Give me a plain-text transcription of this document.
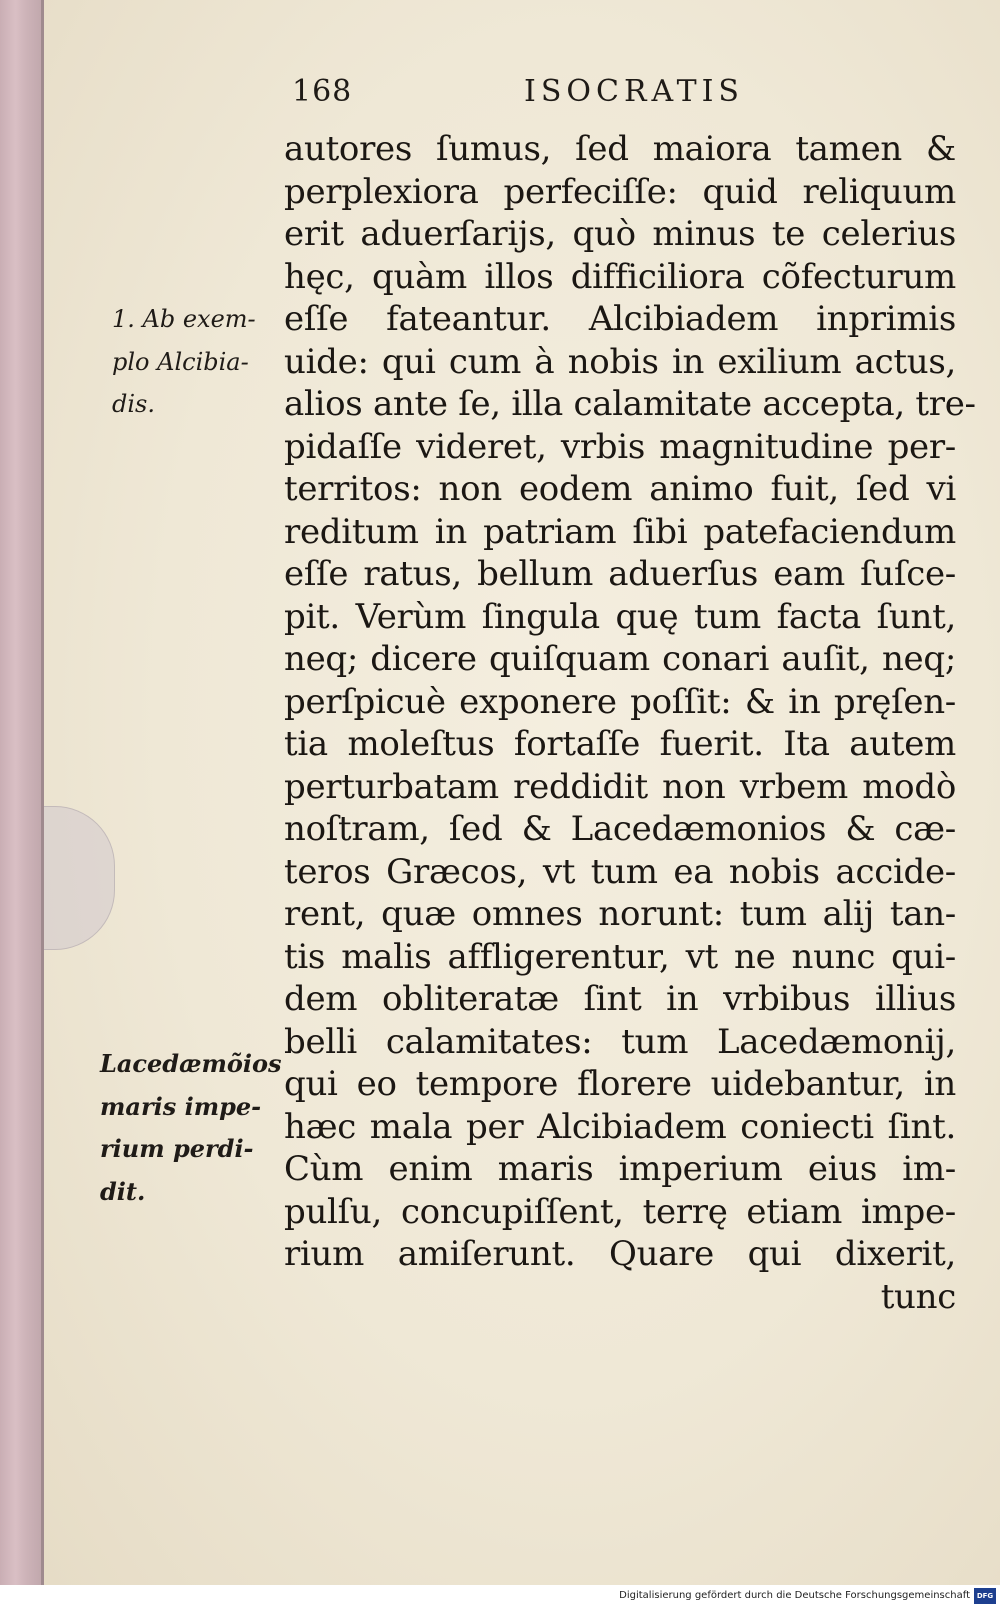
168	ISOCRATIS
autores ſumus, ſed maiora tamen &
perplexiora perfeciſſe: quid reliquum
erit aduerſarijs, quò minus te celerius
hęc, quàm illos difficiliora cõfecturum
eſſe fateantur. Alcibiadem inprimis
uide: qui cum à nobis in exilium actus,
alios ante ſe, illa calamitate accepta, tre-
pidaſſe videret, vrbis magnitudine per-
territos: non eodem animo fuit, ſed vi
reditum in patriam ſibi patefaciendum
eſſe ratus, bellum aduerſus eam ſuſce-
pit. Verùm ſingula quę tum facta ſunt,
neq; dicere quiſquam conari auſit, neq;
perſpicuè exponere poſſit: & in pręſen-
tia moleſtus fortaſſe fuerit. Ita autem
perturbatam reddidit non vrbem modò
noſtram, ſed & Lacedæmonios & cæ-
teros Græcos, vt tum ea nobis accide-
rent, quæ omnes norunt: tum alij tan-
tis malis affligerentur, vt ne nunc qui-
dem obliteratæ ſint in vrbibus illius
belli calamitates: tum Lacedæmonij,
qui eo tempore florere uidebantur, in
hæc mala per Alcibiadem coniecti ſint.
Cùm enim maris imperium eius im-
pulſu, concupiſſent, terrę etiam impe-
rium amiſerunt. Quare qui dixerit,
tunc
1. Ab exem-
plo Alcibia-
dis.
Lacedæmõios
maris impe-
rium perdi-
dit.
Digitalisierung gefördert durch die Deutsche Forschungsgemeinschaft DFG
